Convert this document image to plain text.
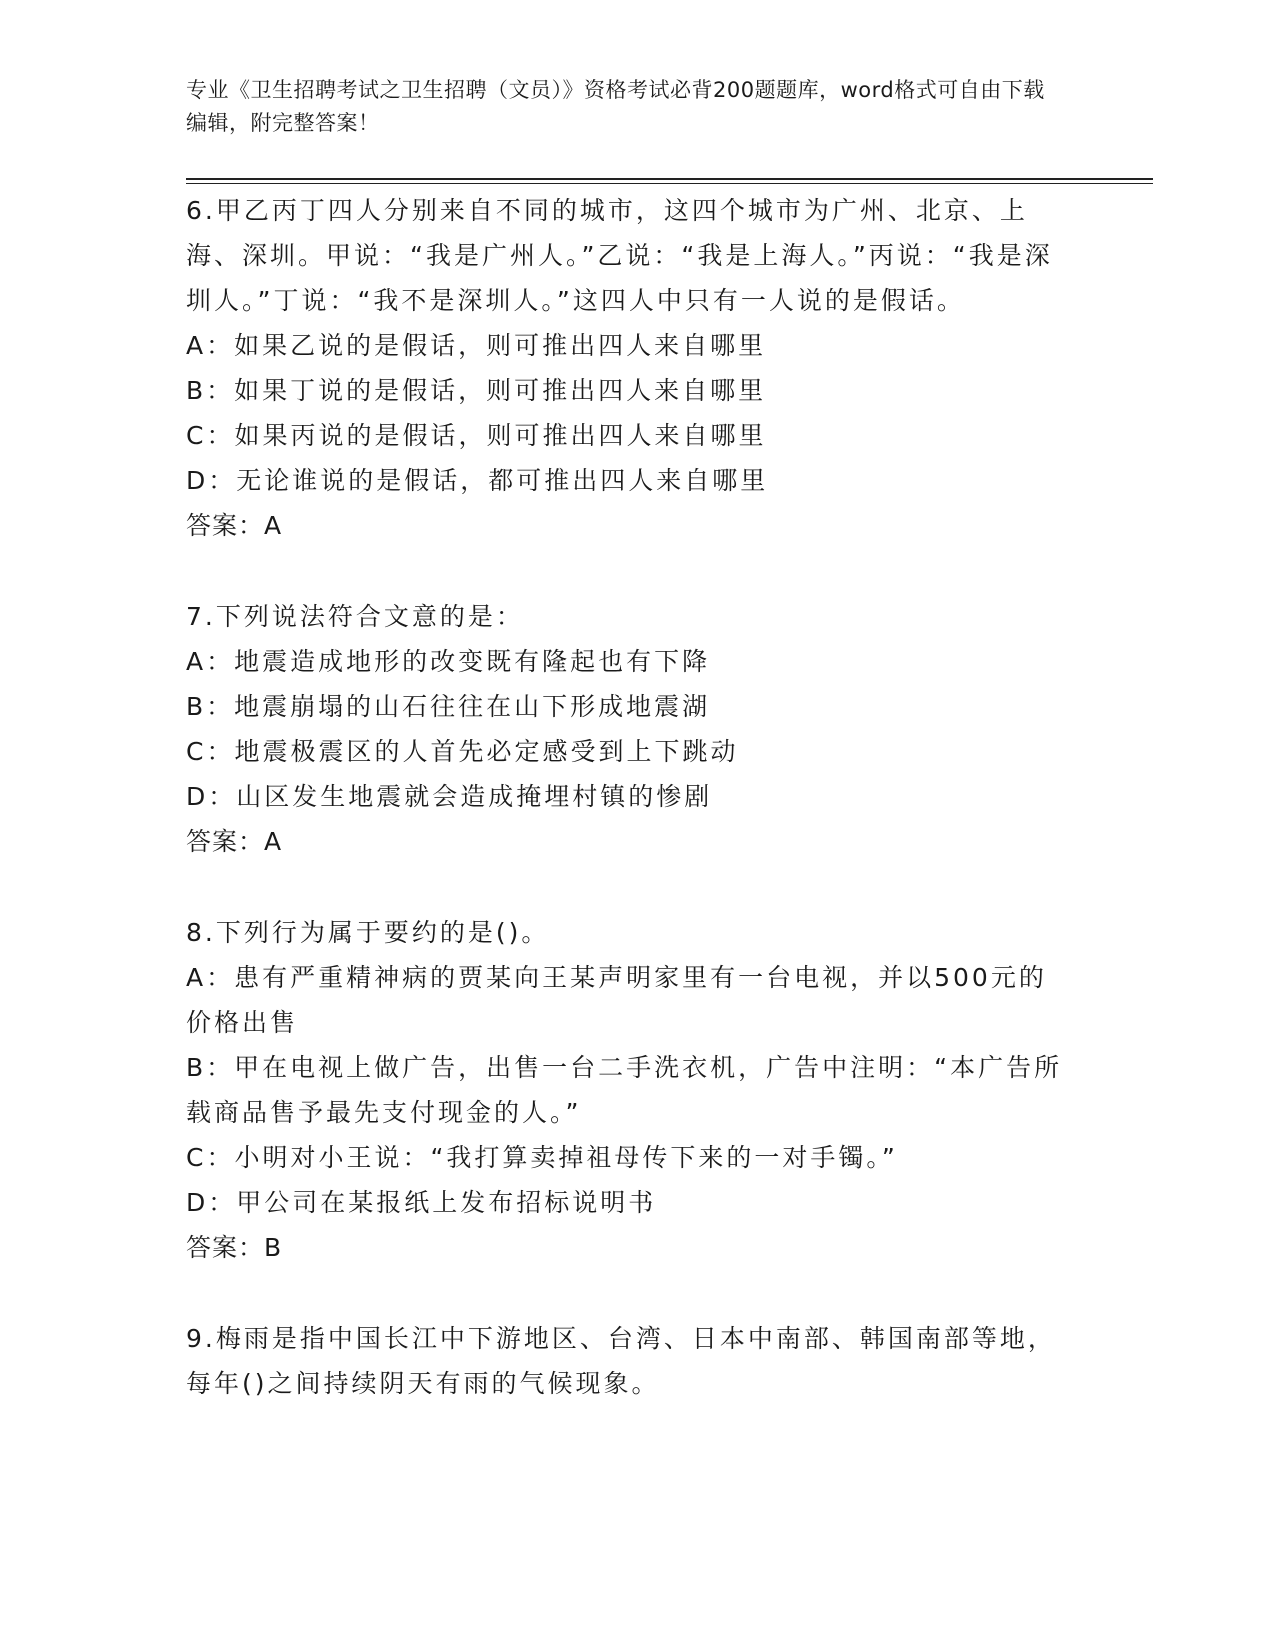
专业《卫生招聘考试之卫生招聘（文员）》资格考试必背200题题库，word格式可自由下载编辑，附完整答案！
6.甲乙丙丁四人分别来自不同的城市，这四个城市为广州、北京、上海、深圳。甲说：“我是广州人。”乙说：“我是上海人。”丙说：“我是深圳人。”丁说：“我不是深圳人。”这四人中只有一人说的是假话。
A：如果乙说的是假话，则可推出四人来自哪里
B：如果丁说的是假话，则可推出四人来自哪里
C：如果丙说的是假话，则可推出四人来自哪里
D：无论谁说的是假话，都可推出四人来自哪里
答案：A
7.下列说法符合文意的是：
A：地震造成地形的改变既有隆起也有下降
B：地震崩塌的山石往往在山下形成地震湖
C：地震极震区的人首先必定感受到上下跳动
D：山区发生地震就会造成掩埋村镇的惨剧
答案：A
8.下列行为属于要约的是()。
A：患有严重精神病的贾某向王某声明家里有一台电视，并以500元的价格出售
B：甲在电视上做广告，出售一台二手洗衣机，广告中注明：“本广告所载商品售予最先支付现金的人。”
C：小明对小王说：“我打算卖掉祖母传下来的一对手镯。”
D：甲公司在某报纸上发布招标说明书
答案：B
9.梅雨是指中国长江中下游地区、台湾、日本中南部、韩国南部等地，每年()之间持续阴天有雨的气候现象。
